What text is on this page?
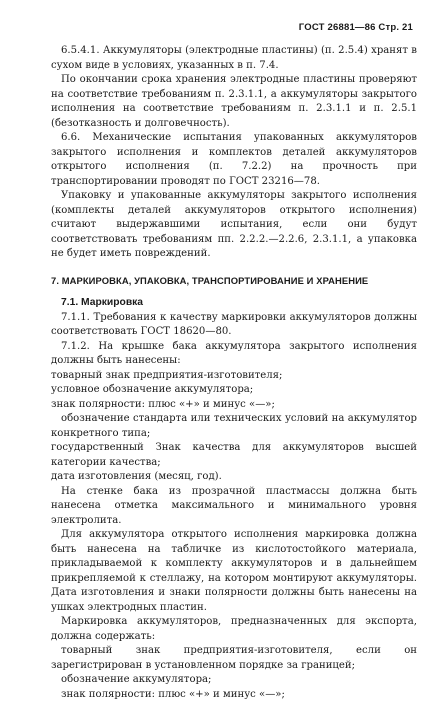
ГОСТ 26881—86 Стр. 21

6.5.4.1. Аккумуляторы (электродные пластины) (п. 2.5.4) хранят в сухом виде в условиях, указанных в п. 7.4.

По окончании срока хранения электродные пластины проверяют на соответствие требованиям п. 2.3.1.1, а аккумуляторы закрытого исполнения на соответствие требованиям п. 2.3.1.1 и п. 2.5.1 (безотказность и долговечность).

6.6. Механические испытания упакованных аккумуляторов закрытого исполнения и комплектов деталей аккумуляторов открытого исполнения (п. 7.2.2) на прочность при транспортировании проводят по ГОСТ 23216—78.

Упаковку и упакованные аккумуляторы закрытого исполнения (комплекты деталей аккумуляторов открытого исполнения) считают выдержавшими испытания, если они будут соответствовать требованиям пп. 2.2.2.—2.2.6, 2.3.1.1, а упаковка не будет иметь повреждений.

7. МАРКИРОВКА, УПАКОВКА, ТРАНСПОРТИРОВАНИЕ И ХРАНЕНИЕ

7.1. Маркировка

7.1.1. Требования к качеству маркировки аккумуляторов должны соответствовать ГОСТ 18620—80.

7.1.2. На крышке бака аккумулятора закрытого исполнения должны быть нанесены:

товарный знак предприятия-изготовителя;

условное обозначение аккумулятора;

знак полярности: плюс «+» и минус «—»;

обозначение стандарта или технических условий на аккумулятор конкретного типа;

государственный Знак качества для аккумуляторов высшей категории качества;

дата изготовления (месяц, год).

На стенке бака из прозрачной пластмассы должна быть нанесена отметка максимального и минимального уровня электролита.

Для аккумулятора открытого исполнения маркировка должна быть нанесена на табличке из кислотостойкого материала, прикладываемой к комплекту аккумуляторов и в дальнейшем прикрепляемой к стеллажу, на котором монтируют аккумуляторы. Дата изготовления и знаки полярности должны быть нанесены на ушках электродных пластин.

Маркировка аккумуляторов, предназначенных для экспорта, должна содержать:

товарный знак предприятия-изготовителя, если он зарегистрирован в установленном порядке за границей;

обозначение аккумулятора;

знак полярности: плюс «+» и минус «—»;
